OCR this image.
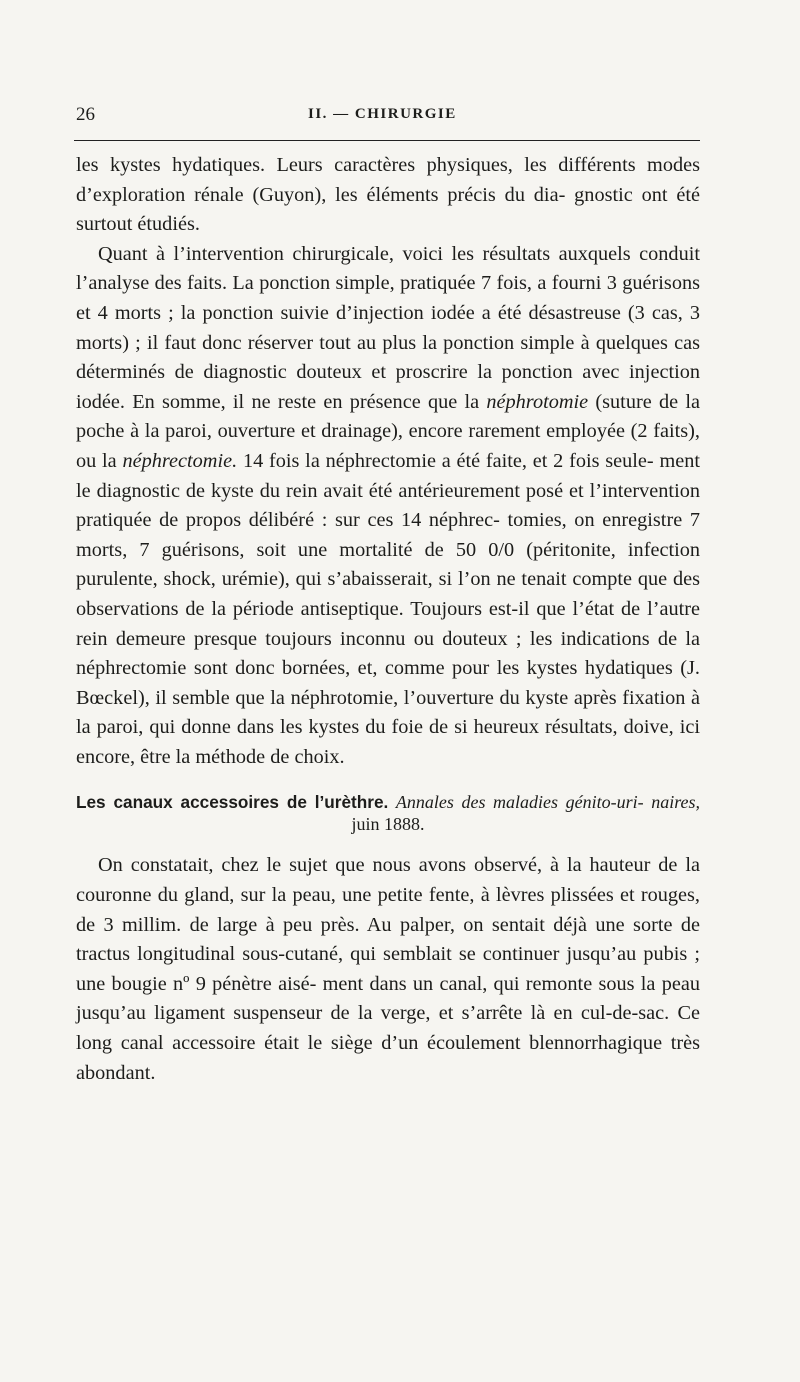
26	II. — CHIRURGIE

les kystes hydatiques. Leurs caractères physiques, les différents modes d’exploration rénale (Guyon), les éléments précis du dia- gnostic ont été surtout étudiés.

Quant à l’intervention chirurgicale, voici les résultats auxquels conduit l’analyse des faits. La ponction simple, pratiquée 7 fois, a fourni 3 guérisons et 4 morts ; la ponction suivie d’injection iodée a été désastreuse (3 cas, 3 morts) ; il faut donc réserver tout au plus la ponction simple à quelques cas déterminés de diagnostic douteux et proscrire la ponction avec injection iodée. En somme, il ne reste en présence que la néphrotomie (suture de la poche à la paroi, ouverture et drainage), encore rarement employée (2 faits), ou la néphrectomie. 14 fois la néphrectomie a été faite, et 2 fois seule- ment le diagnostic de kyste du rein avait été antérieurement posé et l’intervention pratiquée de propos délibéré : sur ces 14 néphrec- tomies, on enregistre 7 morts, 7 guérisons, soit une mortalité de 50 0/0 (péritonite, infection purulente, shock, urémie), qui s’abaisserait, si l’on ne tenait compte que des observations de la période antiseptique. Toujours est-il que l’état de l’autre rein demeure presque toujours inconnu ou douteux ; les indications de la néphrectomie sont donc bornées, et, comme pour les kystes hydatiques (J. Bœckel), il semble que la néphrotomie, l’ouverture du kyste après fixation à la paroi, qui donne dans les kystes du foie de si heureux résultats, doive, ici encore, être la méthode de choix.

Les canaux accessoires de l’urèthre. Annales des maladies génito-uri- naires, juin 1888.

On constatait, chez le sujet que nous avons observé, à la hauteur de la couronne du gland, sur la peau, une petite fente, à lèvres plissées et rouges, de 3 millim. de large à peu près. Au palper, on sentait déjà une sorte de tractus longitudinal sous-cutané, qui semblait se continuer jusqu’au pubis ; une bougie nº 9 pénètre aisé- ment dans un canal, qui remonte sous la peau jusqu’au ligament suspenseur de la verge, et s’arrête là en cul-de-sac. Ce long canal accessoire était le siège d’un écoulement blennorrhagique très abondant.
